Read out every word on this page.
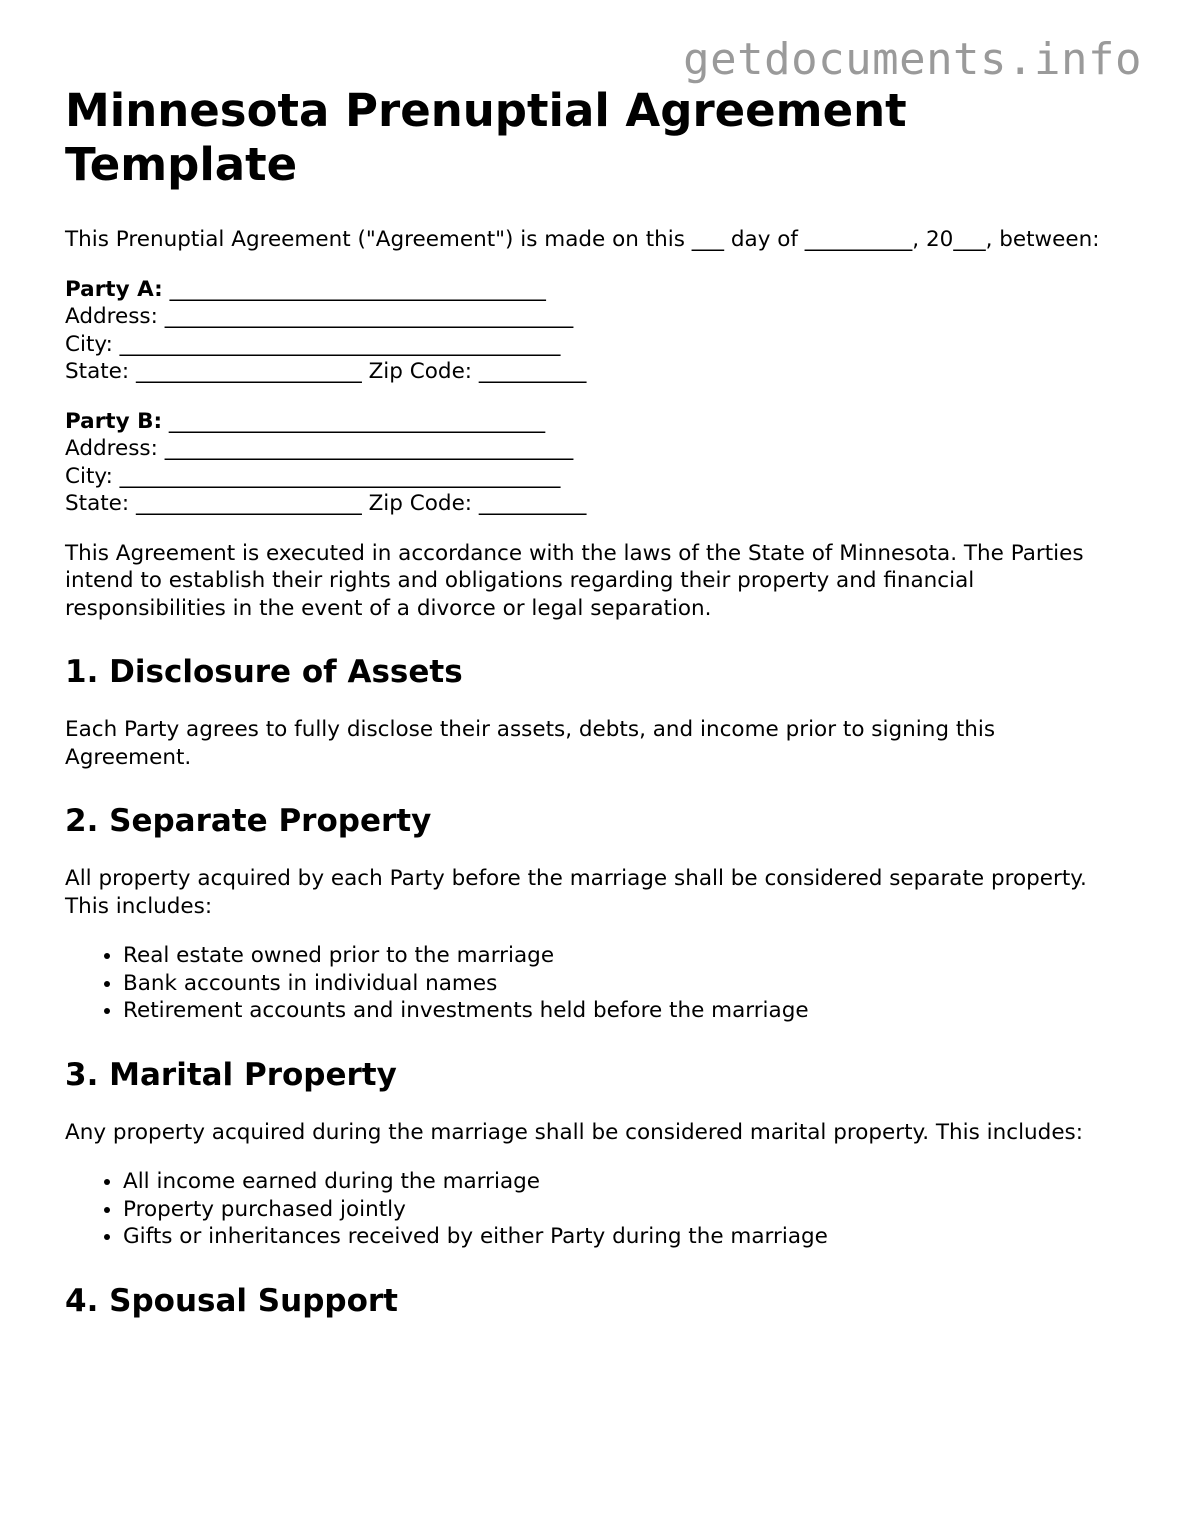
getdocuments.info
Minnesota Prenuptial Agreement Template

This Prenuptial Agreement ("Agreement") is made on this ___ day of __________, 20___, between:

Party A: ___________________________________
Address: ______________________________________
City: _________________________________________
State: _____________________ Zip Code: __________
Party B: ___________________________________
Address: ______________________________________
City: _________________________________________
State: _____________________ Zip Code: __________

This Agreement is executed in accordance with the laws of the State of Minnesota. The Parties intend to establish their rights and obligations regarding their property and financial responsibilities in the event of a divorce or legal separation.

1. Disclosure of Assets

Each Party agrees to fully disclose their assets, debts, and income prior to signing this Agreement.

2. Separate Property

All property acquired by each Party before the marriage shall be considered separate property. This includes:

• Real estate owned prior to the marriage
• Bank accounts in individual names
• Retirement accounts and investments held before the marriage
3. Marital Property

Any property acquired during the marriage shall be considered marital property. This includes:

• All income earned during the marriage
• Property purchased jointly
• Gifts or inheritances received by either Party during the marriage
4. Spousal Support
